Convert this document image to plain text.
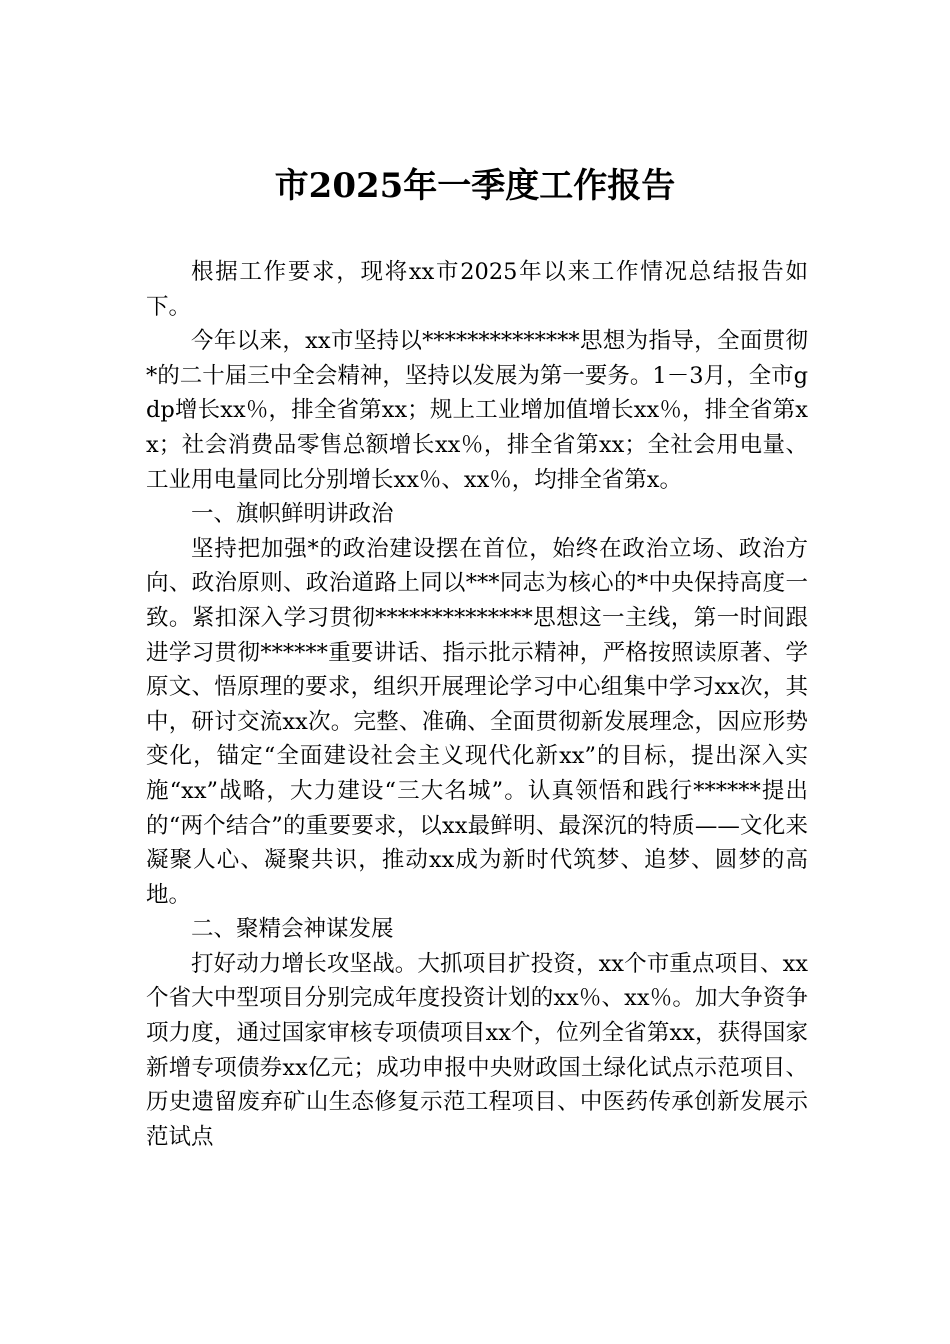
市2025年一季度工作报告

根据工作要求，现将xx市2025年以来工作情况总结报告如下。

今年以来，xx市坚持以**************思想为指导，全面贯彻*的二十届三中全会精神，坚持以发展为第一要务。1－3月，全市gdp增长xx％，排全省第xx；规上工业增加值增长xx％，排全省第xx；社会消费品零售总额增长xx％，排全省第xx；全社会用电量、工业用电量同比分别增长xx％、xx％，均排全省第x。

一、旗帜鲜明讲政治

坚持把加强*的政治建设摆在首位，始终在政治立场、政治方向、政治原则、政治道路上同以***同志为核心的*中央保持高度一致。紧扣深入学习贯彻**************思想这一主线，第一时间跟进学习贯彻******重要讲话、指示批示精神，严格按照读原著、学原文、悟原理的要求，组织开展理论学习中心组集中学习xx次，其中，研讨交流xx次。完整、准确、全面贯彻新发展理念，因应形势变化，锚定“全面建设社会主义现代化新xx”的目标，提出深入实施“xx”战略，大力建设“三大名城”。认真领悟和践行******提出的“两个结合”的重要要求，以xx最鲜明、最深沉的特质——文化来凝聚人心、凝聚共识，推动xx成为新时代筑梦、追梦、圆梦的高地。

二、聚精会神谋发展

打好动力增长攻坚战。大抓项目扩投资，xx个市重点项目、xx个省大中型项目分别完成年度投资计划的xx％、xx％。加大争资争项力度，通过国家审核专项债项目xx个，位列全省第xx，获得国家新增专项债券xx亿元；成功申报中央财政国土绿化试点示范项目、历史遗留废弃矿山生态修复示范工程项目、中医药传承创新发展示范试点
